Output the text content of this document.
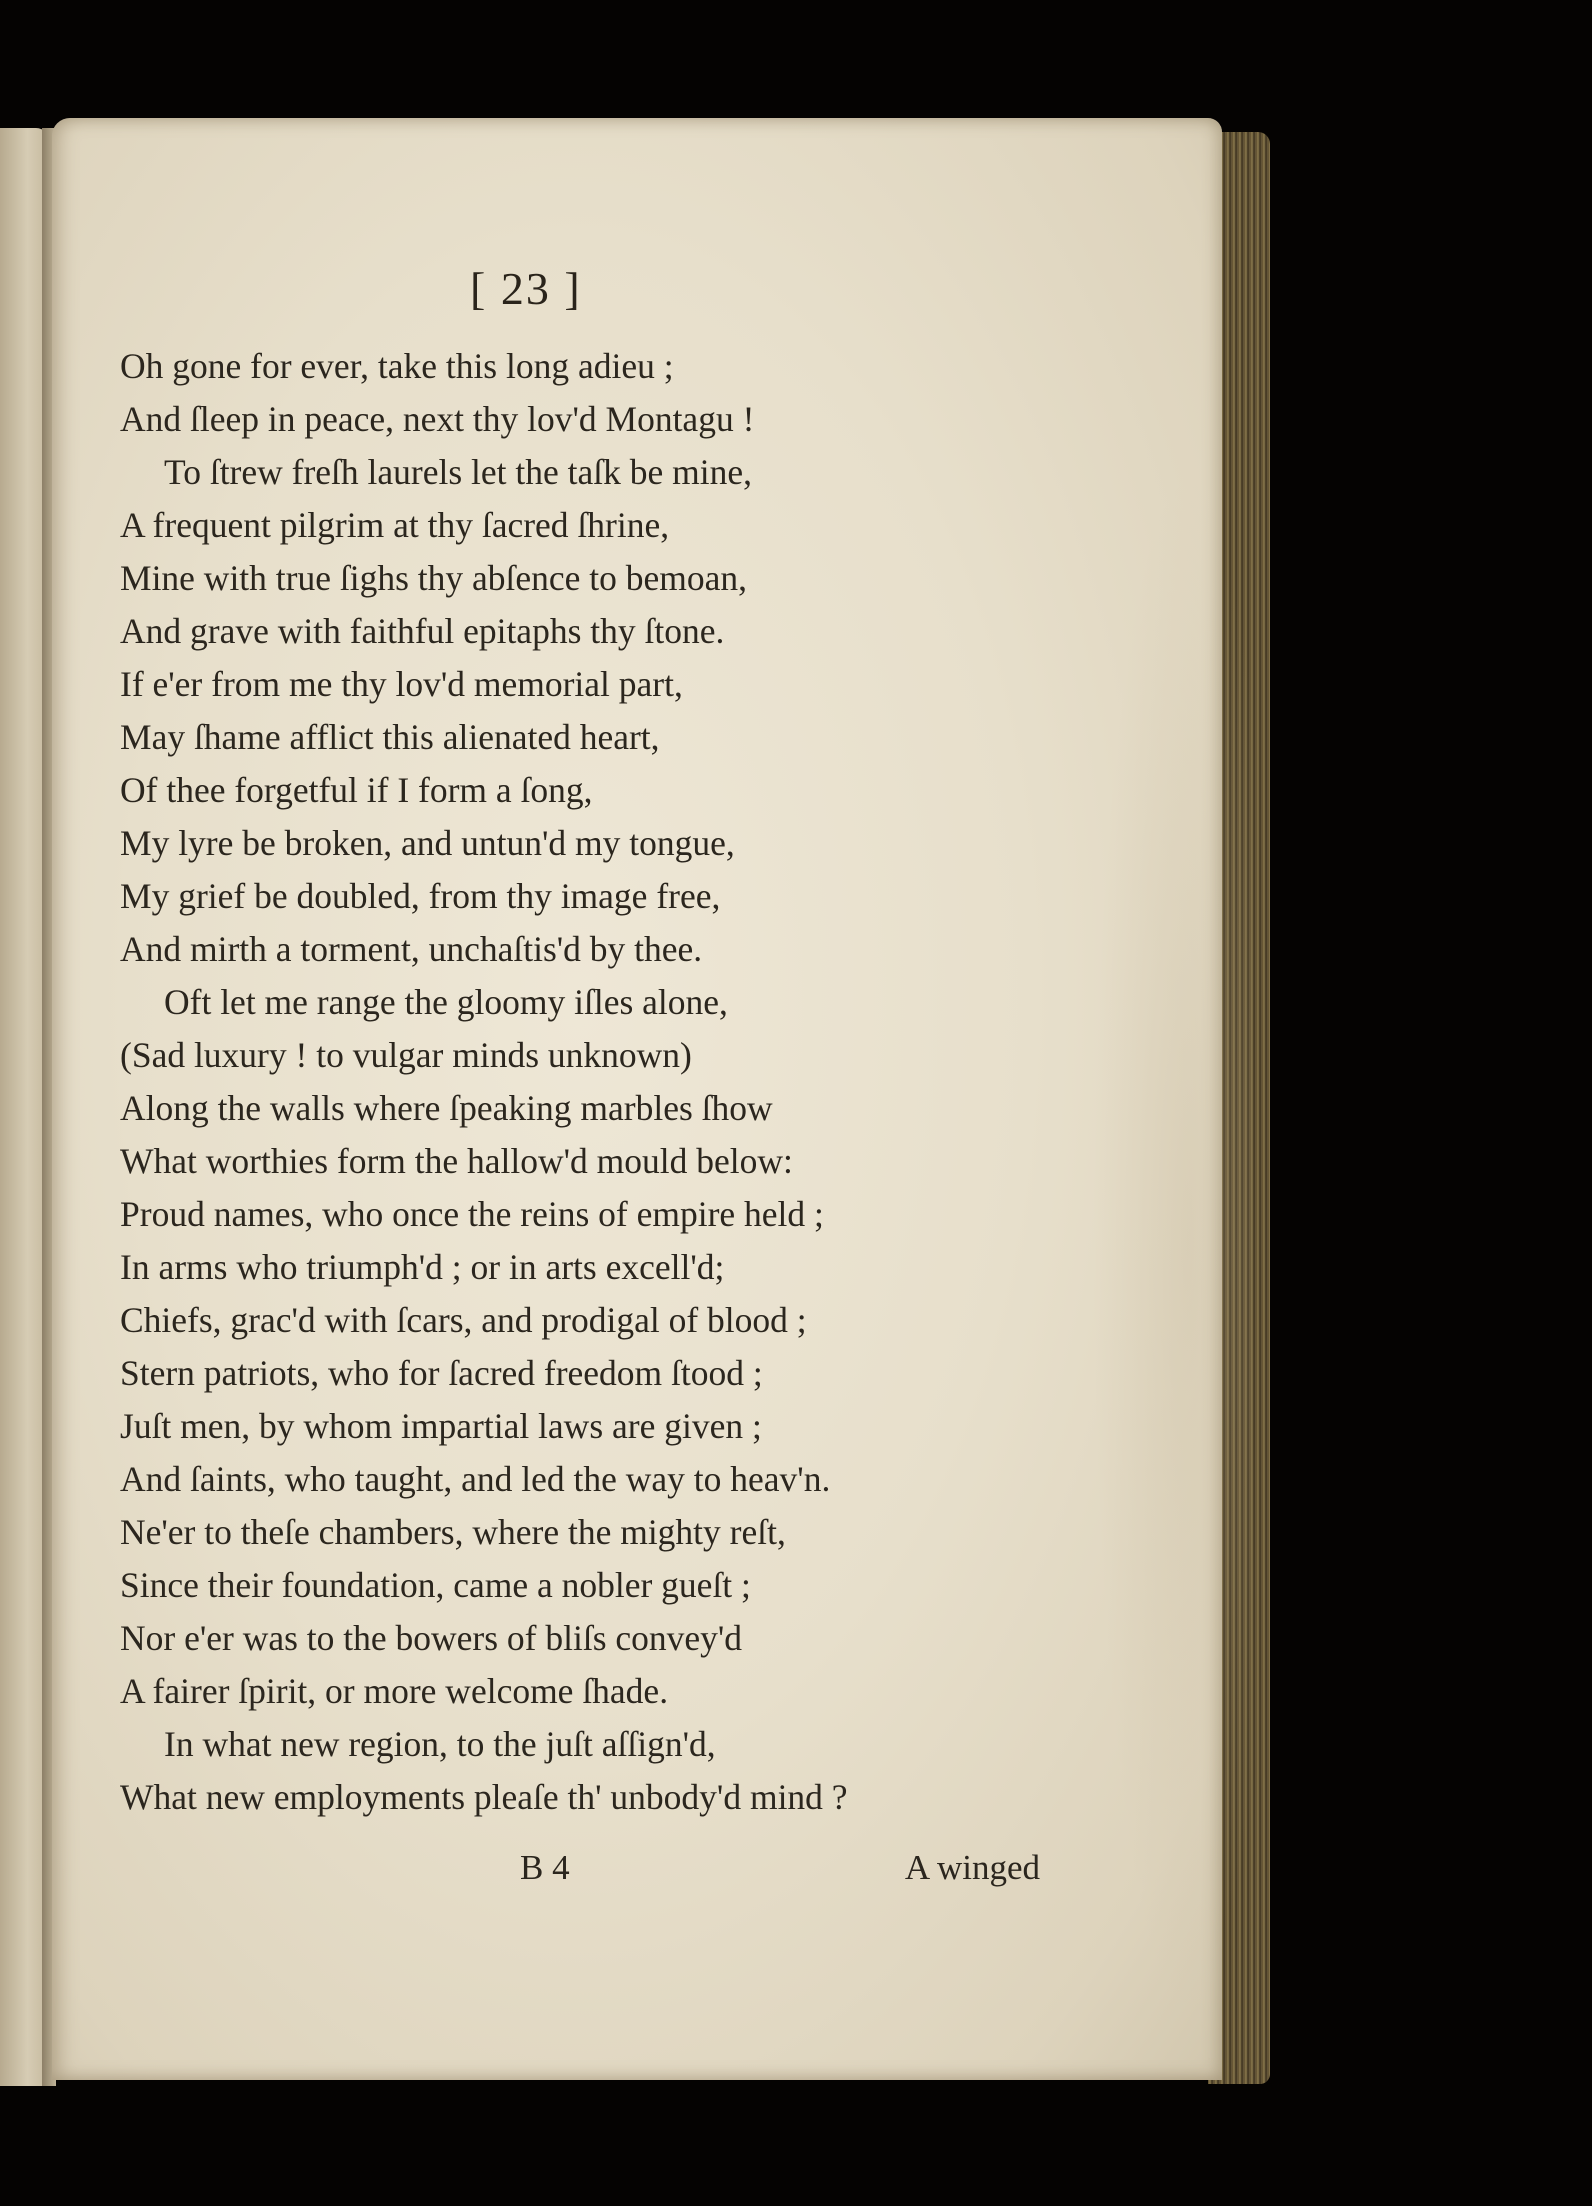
[ 23 ]
Oh gone for ever, take this long adieu ;
And ſleep in peace, next thy lov'd Montagu !
To ſtrew freſh laurels let the taſk be mine,
A frequent pilgrim at thy ſacred ſhrine,
Mine with true ſighs thy abſence to bemoan,
And grave with faithful epitaphs thy ſtone.
If e'er from me thy lov'd memorial part,
May ſhame afflict this alienated heart,
Of thee forgetful if I form a ſong,
My lyre be broken, and untun'd my tongue,
My grief be doubled, from thy image free,
And mirth a torment, unchaſtis'd by thee.
Oft let me range the gloomy iſles alone,
(Sad luxury ! to vulgar minds unknown)
Along the walls where ſpeaking marbles ſhow
What worthies form the hallow'd mould below:
Proud names, who once the reins of empire held ;
In arms who triumph'd ; or in arts excell'd;
Chiefs, grac'd with ſcars, and prodigal of blood ;
Stern patriots, who for ſacred freedom ſtood ;
Juſt men, by whom impartial laws are given ;
And ſaints, who taught, and led the way to heav'n.
Ne'er to theſe chambers, where the mighty reſt,
Since their foundation, came a nobler gueſt ;
Nor e'er was to the bowers of bliſs convey'd
A fairer ſpirit, or more welcome ſhade.
In what new region, to the juſt aſſign'd,
What new employments pleaſe th' unbody'd mind ?
B 4	A winged
